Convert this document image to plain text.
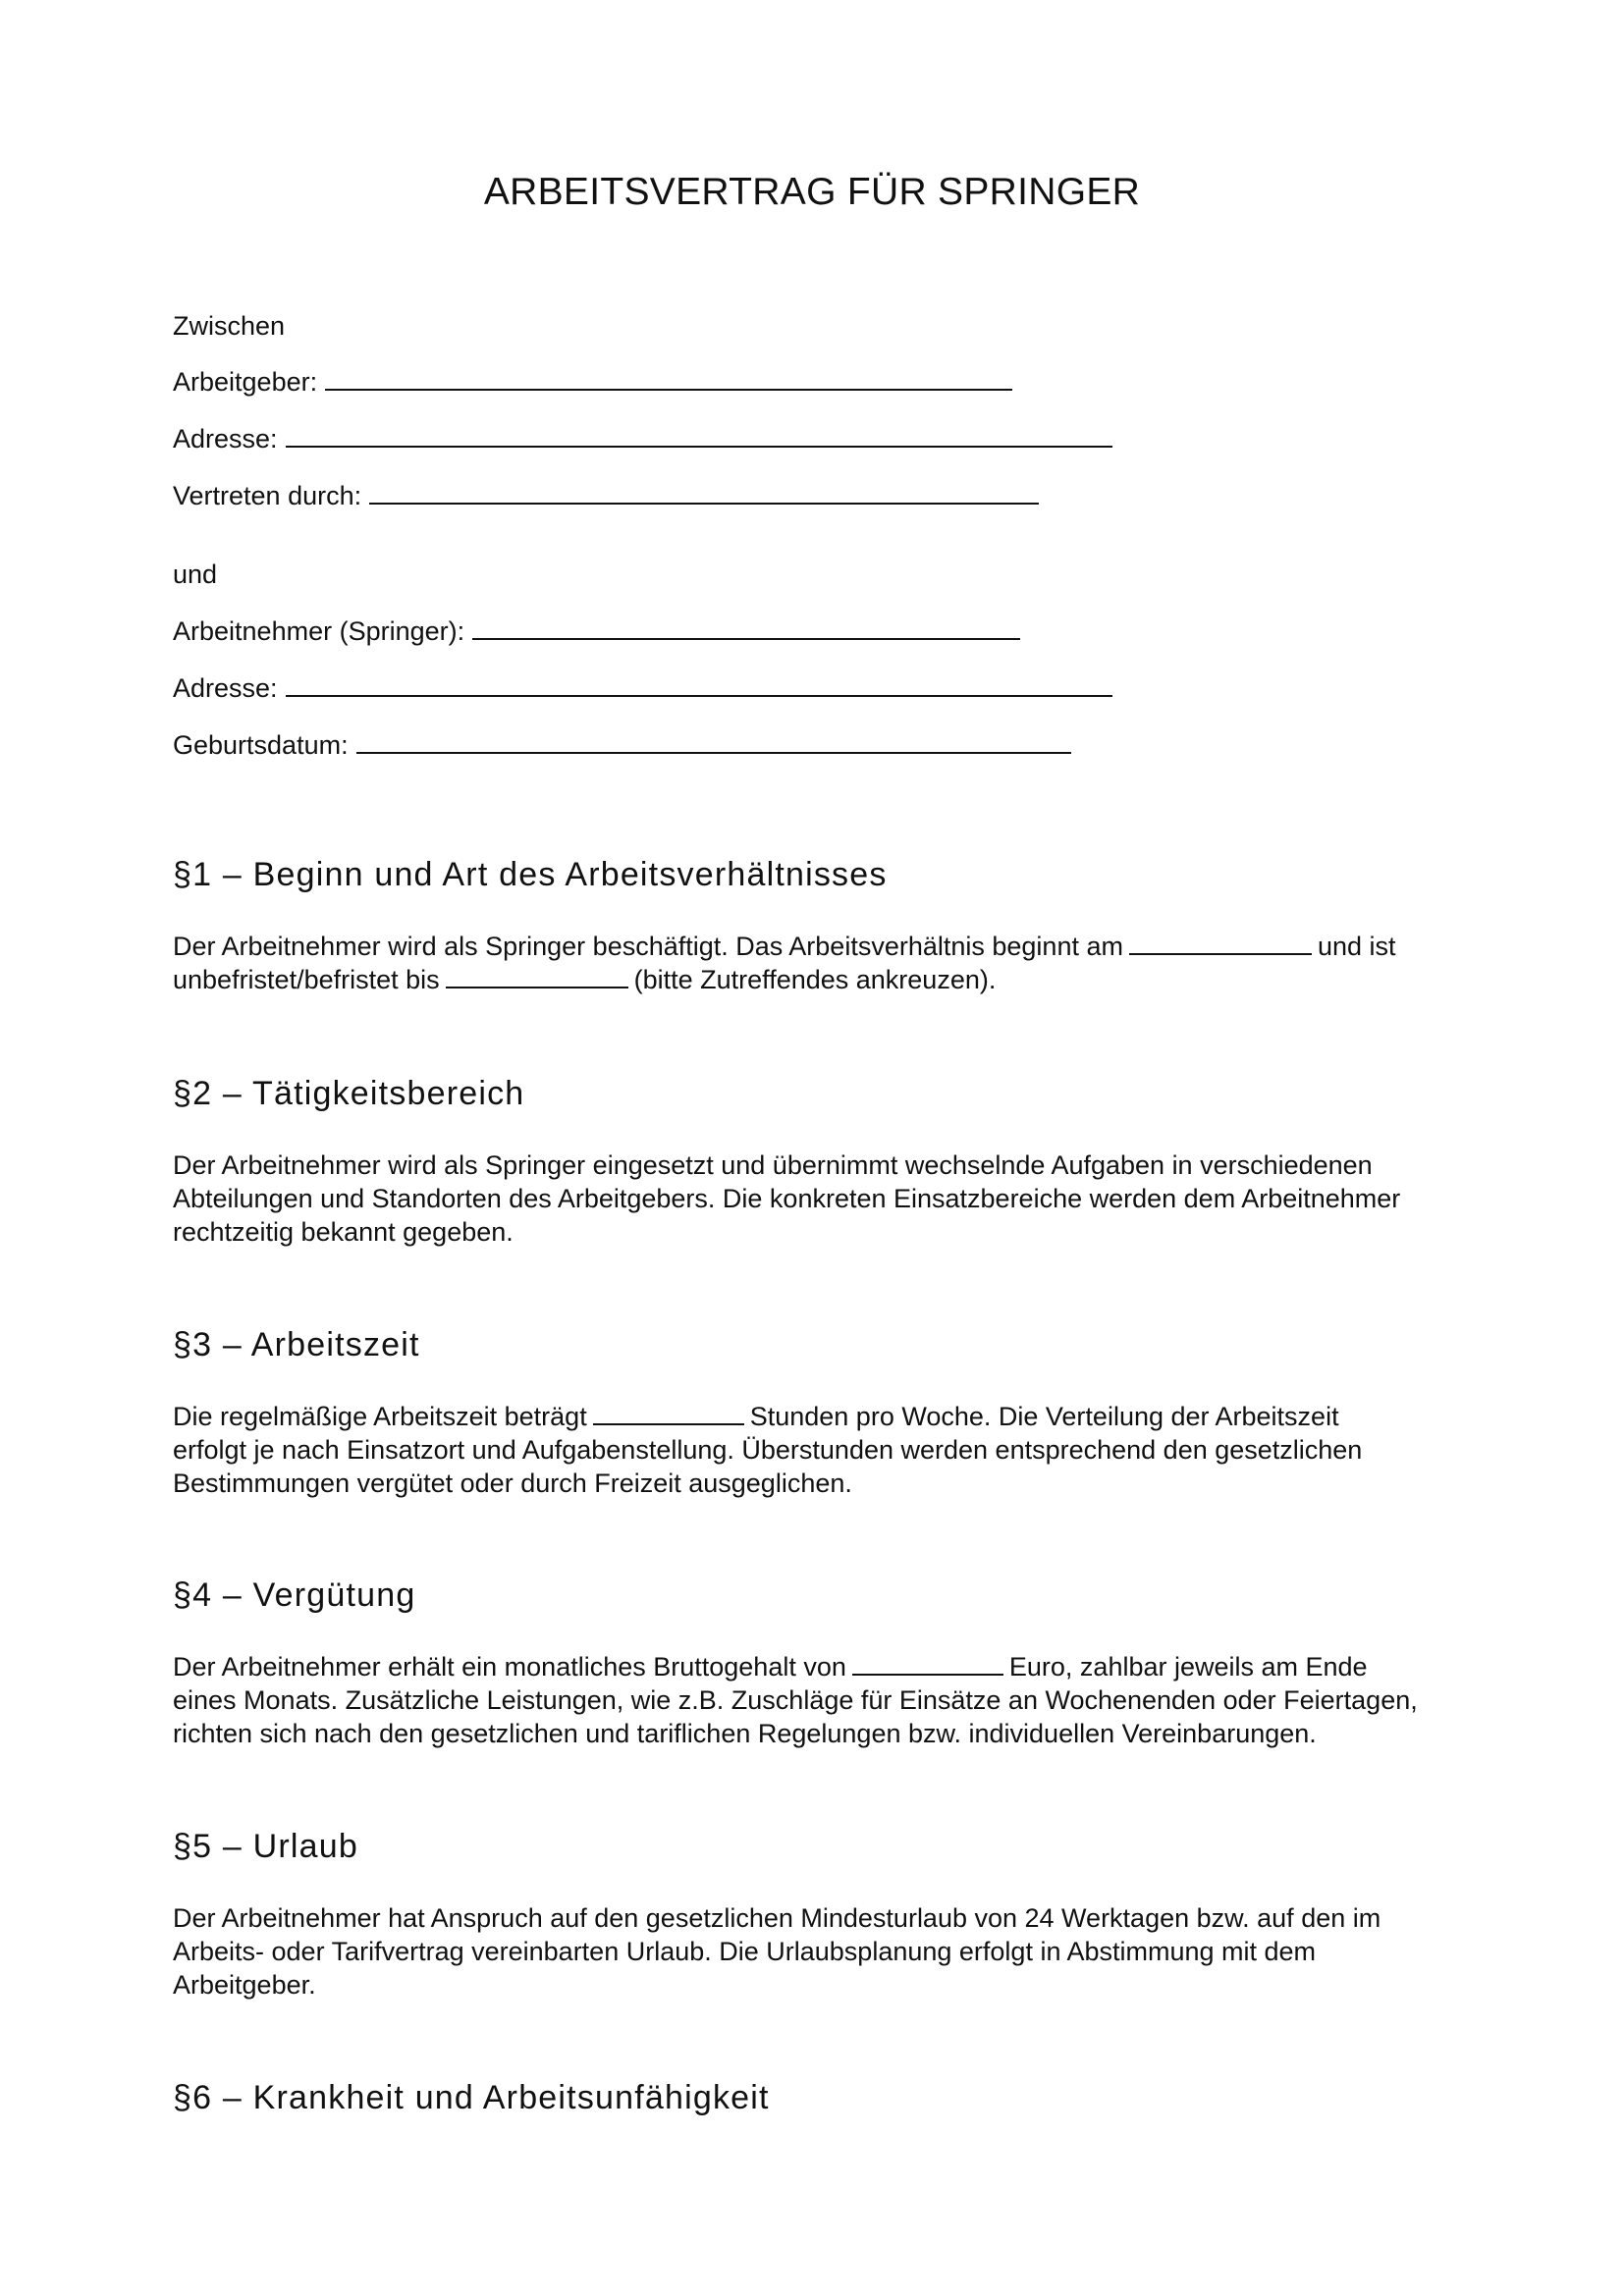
ARBEITSVERTRAG FÜR SPRINGER
Zwischen
Arbeitgeber:
Adresse:
Vertreten durch:
und
Arbeitnehmer (Springer):
Adresse:
Geburtsdatum:
§1 – Beginn und Art des Arbeitsverhältnisses
Der Arbeitnehmer wird als Springer beschäftigt. Das Arbeitsverhältnis beginnt am	und ist
unbefristet/befristet bis	(bitte Zutreffendes ankreuzen).
§2 – Tätigkeitsbereich
Der Arbeitnehmer wird als Springer eingesetzt und übernimmt wechselnde Aufgaben in verschiedenen
Abteilungen und Standorten des Arbeitgebers. Die konkreten Einsatzbereiche werden dem Arbeitnehmer
rechtzeitig bekannt gegeben.
§3 – Arbeitszeit
Die regelmäßige Arbeitszeit beträgt	Stunden pro Woche. Die Verteilung der Arbeitszeit
erfolgt je nach Einsatzort und Aufgabenstellung. Überstunden werden entsprechend den gesetzlichen
Bestimmungen vergütet oder durch Freizeit ausgeglichen.
§4 – Vergütung
Der Arbeitnehmer erhält ein monatliches Bruttogehalt von	Euro, zahlbar jeweils am Ende
eines Monats. Zusätzliche Leistungen, wie z.B. Zuschläge für Einsätze an Wochenenden oder Feiertagen,
richten sich nach den gesetzlichen und tariflichen Regelungen bzw. individuellen Vereinbarungen.
§5 – Urlaub
Der Arbeitnehmer hat Anspruch auf den gesetzlichen Mindesturlaub von 24 Werktagen bzw. auf den im
Arbeits- oder Tarifvertrag vereinbarten Urlaub. Die Urlaubsplanung erfolgt in Abstimmung mit dem
Arbeitgeber.
§6 – Krankheit und Arbeitsunfähigkeit
